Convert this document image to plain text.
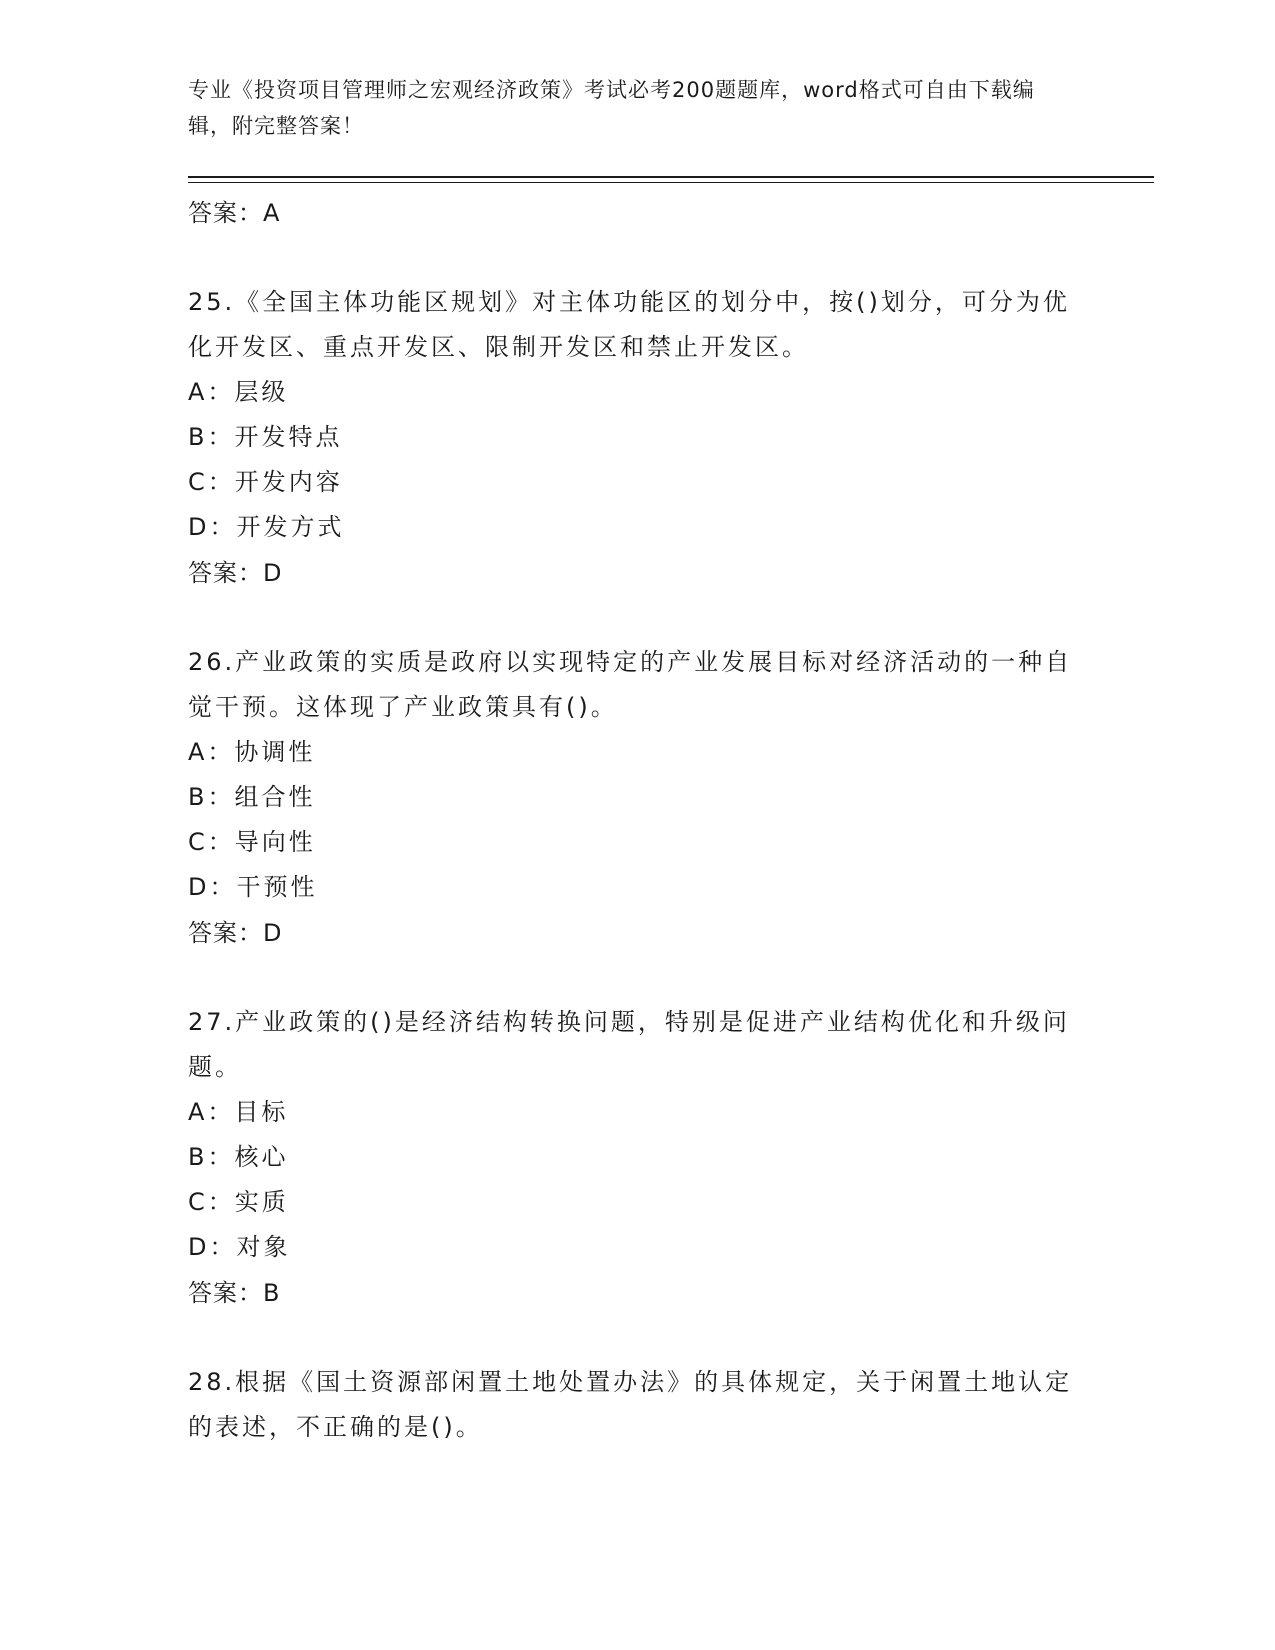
专业《投资项目管理师之宏观经济政策》考试必考200题题库，word格式可自由下载编辑，附完整答案！
答案：A
25.《全国主体功能区规划》对主体功能区的划分中，按()划分，可分为优化开发区、重点开发区、限制开发区和禁止开发区。
A：层级
B：开发特点
C：开发内容
D：开发方式
答案：D
26.产业政策的实质是政府以实现特定的产业发展目标对经济活动的一种自觉干预。这体现了产业政策具有()。
A：协调性
B：组合性
C：导向性
D：干预性
答案：D
27.产业政策的()是经济结构转换问题，特别是促进产业结构优化和升级问题。
A：目标
B：核心
C：实质
D：对象
答案：B
28.根据《国土资源部闲置土地处置办法》的具体规定，关于闲置土地认定的表述，不正确的是()。
